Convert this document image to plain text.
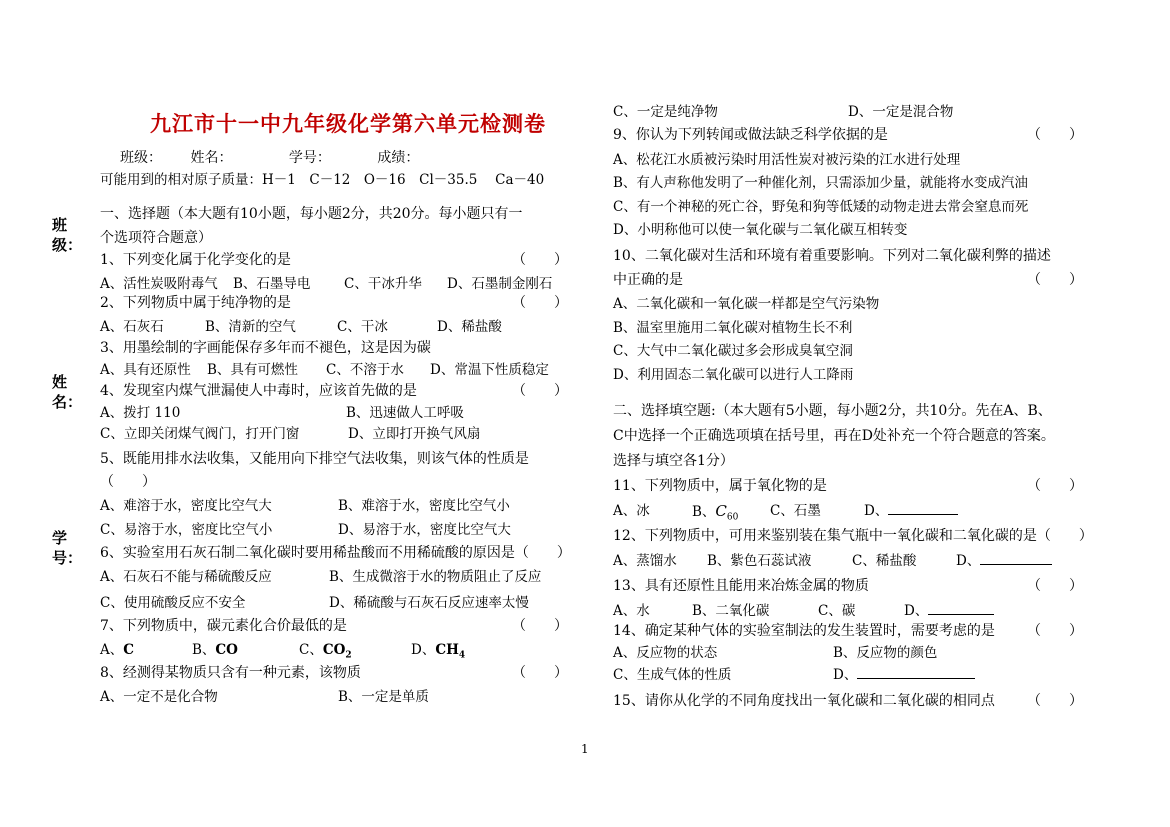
班级：
姓名：
学号：
九江市十一中九年级化学第六单元检测卷
班级： 姓名：	学号：	成绩：
可能用到的相对原子质量：H－1　C－12　O－16　Cl－35.5　 Ca－40
一、选择题（本大题有10小题，每小题2分，共20分。每小题只有一
个选项符合题意）
1、下列变化属于化学变化的是	（　　）
A、活性炭吸附毒气 B、石墨导电 C、干冰升华 D、石墨制金刚石
2、下列物质中属于纯净物的是	（　　）
A、石灰石	B、清新的空气	C、干冰	D、稀盐酸
3、用墨绘制的字画能保存多年而不褪色，这是因为碳
A、具有还原性 B、具有可燃性 C、不溶于水 D、常温下性质稳定
4、发现室内煤气泄漏使人中毒时，应该首先做的是	（　　）
A、拨打 110	B、迅速做人工呼吸
C、立即关闭煤气阀门，打开门窗	D、立即打开换气风扇
5、既能用排水法收集，又能用向下排空气法收集，则该气体的性质是
（　　）
A、难溶于水，密度比空气大	B、难溶于水，密度比空气小
C、易溶于水，密度比空气小	D、易溶于水，密度比空气大
6、实验室用石灰石制二氧化碳时要用稀盐酸而不用稀硫酸的原因是（　　）
A、石灰石不能与稀硫酸反应	B、生成微溶于水的物质阻止了反应
C、使用硫酸反应不安全	D、稀硫酸与石灰石反应速率太慢
7、下列物质中，碳元素化合价最低的是	（　　）
A、C	B、CO	C、$CO_2$	D、$CH_4$
8、经测得某物质只含有一种元素，该物质	（　　）
A、一定不是化合物	B、一定是单质
C、一定是纯净物	D、一定是混合物
9、你认为下列转闻或做法缺乏科学依据的是	（　　）
A、松花江水质被污染时用活性炭对被污染的江水进行处理
B、有人声称他发明了一种催化剂，只需添加少量，就能将水变成汽油
C、有一个神秘的死亡谷，野兔和狗等低矮的动物走进去常会窒息而死
D、小明称他可以使一氧化碳与二氧化碳互相转变
10、二氧化碳对生活和环境有着重要影响。下列对二氧化碳利弊的描述
中正确的是	（　　）
A、二氧化碳和一氧化碳一样都是空气污染物
B、温室里施用二氧化碳对植物生长不利
C、大气中二氧化碳过多会形成臭氧空洞
D、利用固态二氧化碳可以进行人工降雨
二、选择填空题:（本大题有5小题，每小题2分，共10分。先在A、B、
C中选择一个正确选项填在括号里，再在D处补充一个符合题意的答案。
选择与填空各1分）
11、下列物质中，属于氧化物的是	（　　）
A、冰	B、$C_{60}$ C、石墨	D、
12、下列物质中，可用来鉴别装在集气瓶中一氧化碳和二氧化碳的是（　　）
A、蒸馏水 B、紫色石蕊试液	C、稀盐酸	D、
13、具有还原性且能用来冶炼金属的物质	（　　）
A、水	B、二氧化碳	C、碳	D、
14、确定某种气体的实验室制法的发生装置时，需要考虑的是 （　　）
A、反应物的状态	B、反应物的颜色
C、生成气体的性质	D、
15、请你从化学的不同角度找出一氧化碳和二氧化碳的相同点 （　　）
1
